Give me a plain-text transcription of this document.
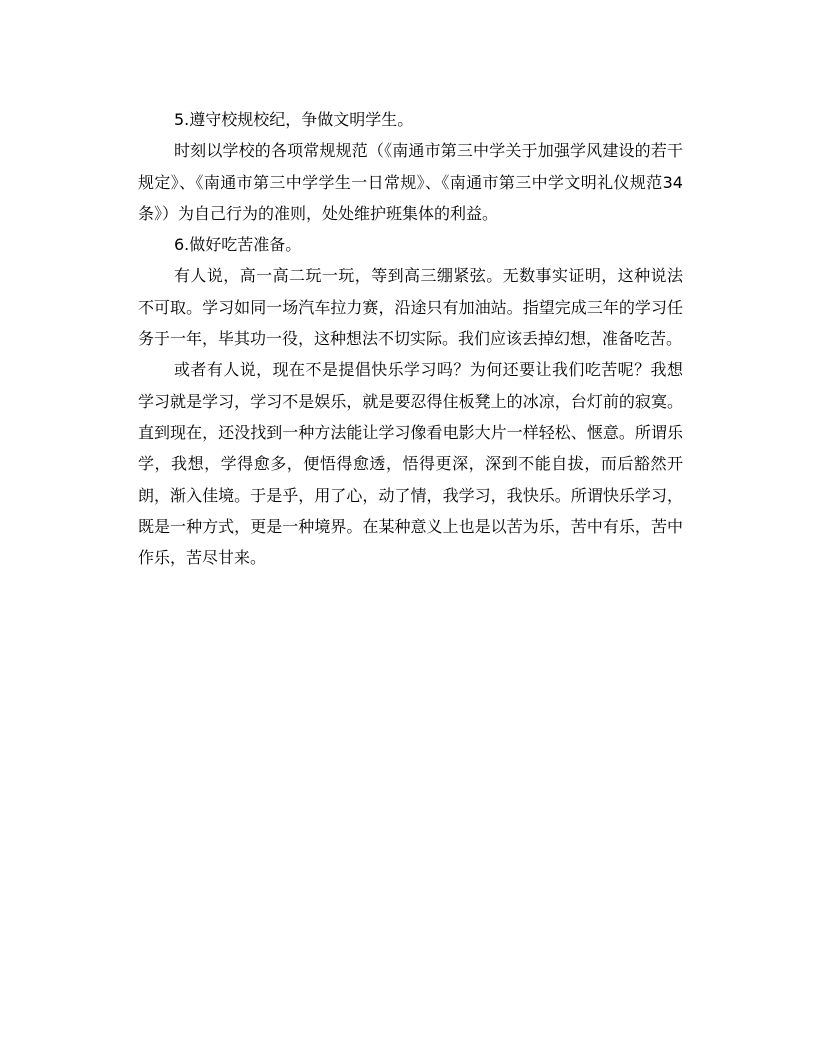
5.遵守校规校纪，争做文明学生。

时刻以学校的各项常规规范（《南通市第三中学关于加强学风建设的若干规定》、《南通市第三中学学生一日常规》、《南通市第三中学文明礼仪规范34条》）为自己行为的准则，处处维护班集体的利益。

6.做好吃苦准备。

有人说，高一高二玩一玩，等到高三绷紧弦。无数事实证明，这种说法不可取。学习如同一场汽车拉力赛，沿途只有加油站。指望完成三年的学习任务于一年，毕其功一役，这种想法不切实际。我们应该丢掉幻想，准备吃苦。

或者有人说，现在不是提倡快乐学习吗？为何还要让我们吃苦呢？我想学习就是学习，学习不是娱乐，就是要忍得住板凳上的冰凉，台灯前的寂寞。直到现在，还没找到一种方法能让学习像看电影大片一样轻松、惬意。所谓乐学，我想，学得愈多，便悟得愈透，悟得更深，深到不能自拔，而后豁然开朗，渐入佳境。于是乎，用了心，动了情，我学习，我快乐。所谓快乐学习，既是一种方式，更是一种境界。在某种意义上也是以苦为乐，苦中有乐，苦中作乐，苦尽甘来。
